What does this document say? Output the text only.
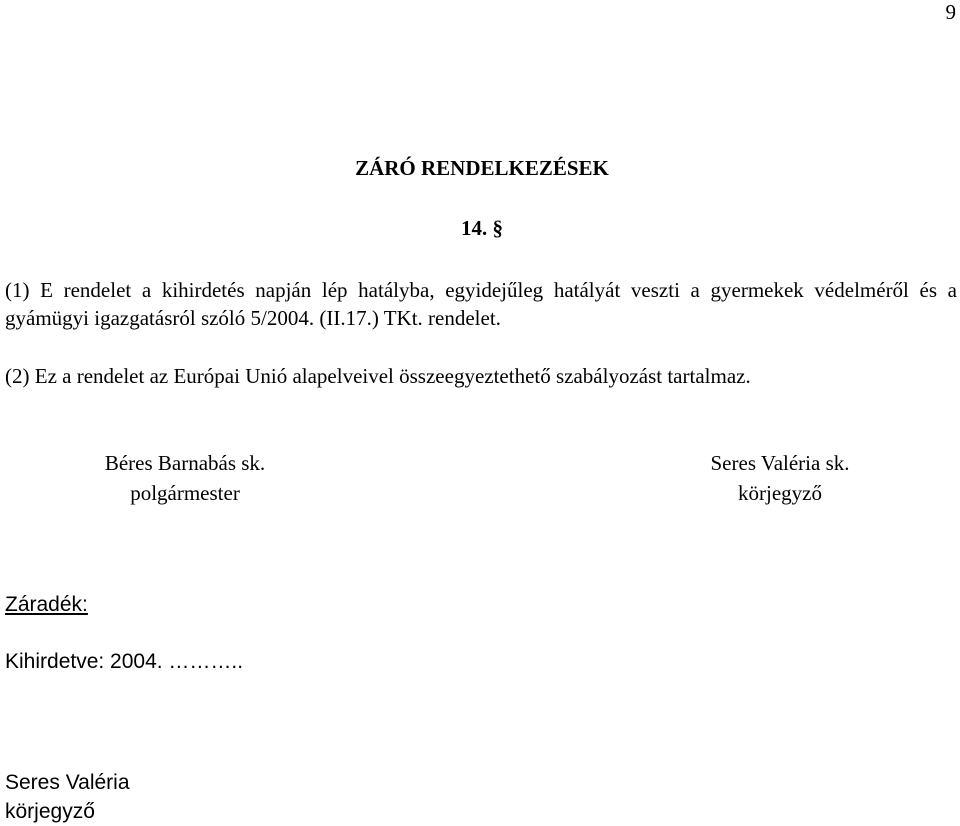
9
ZÁRÓ RENDELKEZÉSEK
14. §
(1) E rendelet a kihirdetés napján lép hatályba, egyidejűleg hatályát veszti a gyermekek védelméről és a gyámügyi igazgatásról szóló 5/2004. (II.17.) TKt. rendelet.
(2) Ez a rendelet az Európai Unió alapelveivel összeegyeztethető szabályozást tartalmaz.
Béres Barnabás sk.
polgármester
Seres Valéria sk.
körjegyző
Záradék:
Kihirdetve: 2004. ………..
Seres Valéria
körjegyző
